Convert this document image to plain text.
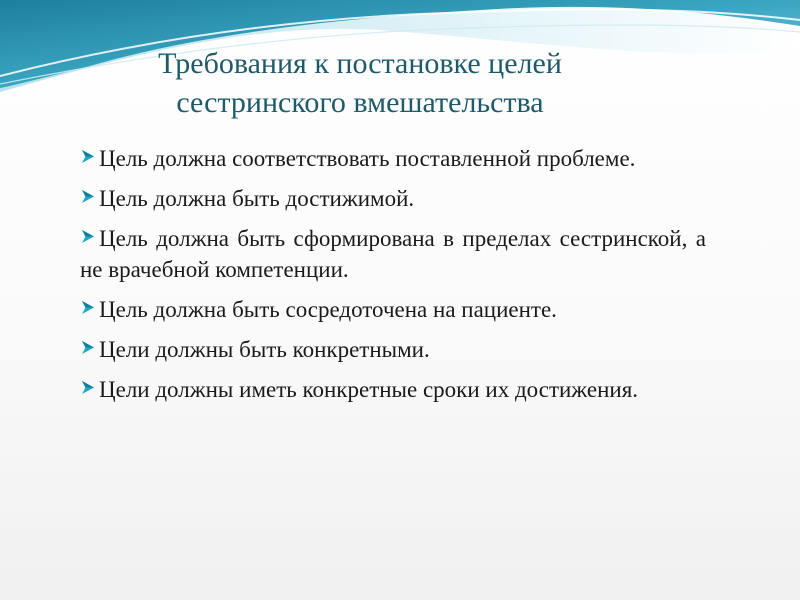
Требования к постановке целей
сестринского вмешательства
Цель должна соответствовать поставленной проблеме.
Цель должна быть достижимой.
Цель должна быть сформирована в пределах сестринской, а не врачебной компетенции.
Цель должна быть сосредоточена на пациенте.
Цели должны быть конкретными.
Цели должны иметь конкретные сроки их достижения.
